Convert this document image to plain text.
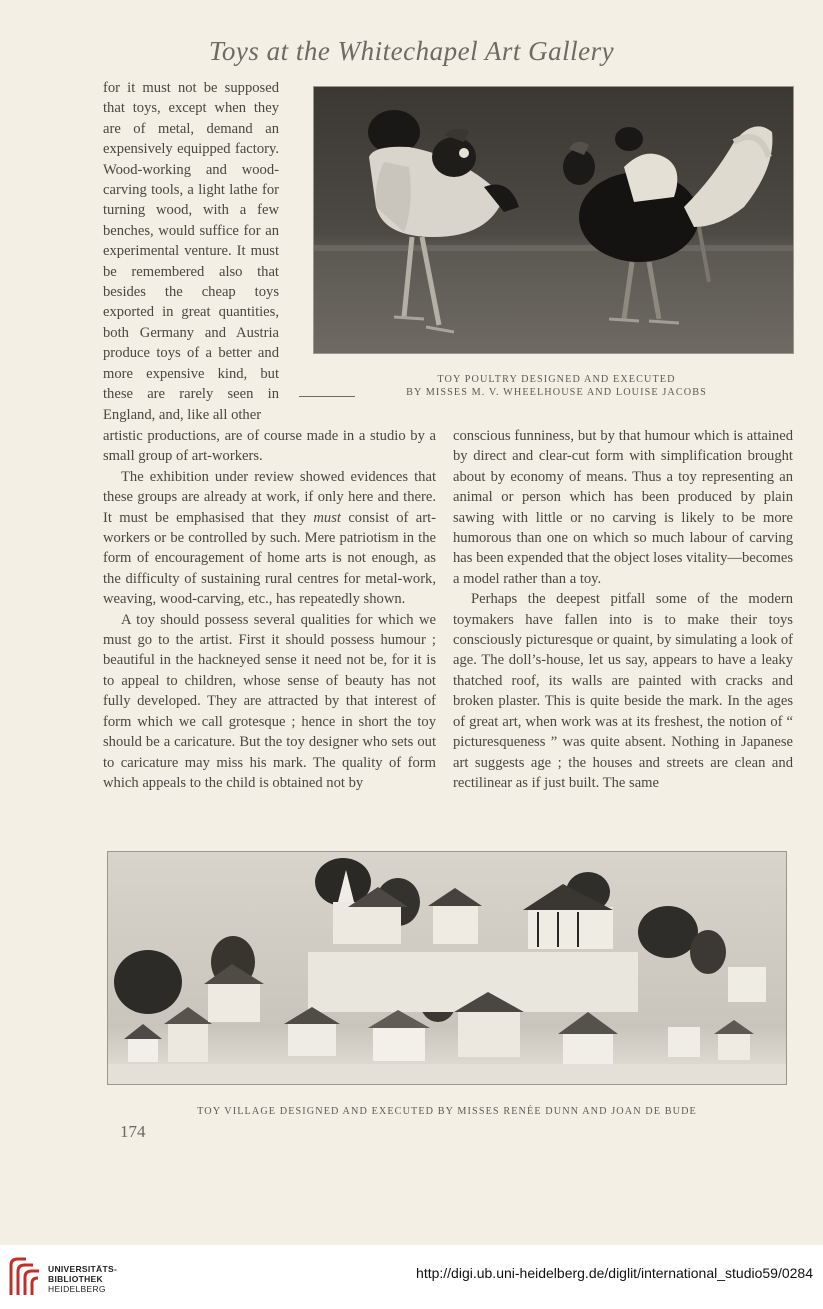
Toys at the Whitechapel Art Gallery

for it must not be supposed that toys, except when they are of metal, demand an expensively equipped factory. Wood-working and wood-carving tools, a light lathe for turning wood, with a few benches, would suffice for an experimental venture. It must be remembered also that besides the cheap toys exported in great quantities, both Germany and Austria produce toys of a better and more expensive kind, but these are rarely seen in England, and, like all other

TOY POULTRY DESIGNED AND EXECUTED
BY MISSES M. V. WHEELHOUSE AND LOUISE JACOBS

artistic productions, are of course made in a studio by a small group of art-workers.

The exhibition under review showed evidences that these groups are already at work, if only here and there. It must be emphasised that they must consist of art-workers or be controlled by such. Mere patriotism in the form of encouragement of home arts is not enough, as the difficulty of sustaining rural centres for metal-work, weaving, wood-carving, etc., has repeatedly shown.

A toy should possess several qualities for which we must go to the artist. First it should possess humour ; beautiful in the hackneyed sense it need not be, for it is to appeal to children, whose sense of beauty has not fully developed. They are attracted by that interest of form which we call grotesque ; hence in short the toy should be a caricature. But the toy designer who sets out to caricature may miss his mark. The quality of form which appeals to the child is obtained not by

conscious funniness, but by that humour which is attained by direct and clear-cut form with simplification brought about by economy of means. Thus a toy representing an animal or person which has been produced by plain sawing with little or no carving is likely to be more humorous than one on which so much labour of carving has been expended that the object loses vitality—becomes a model rather than a toy.

Perhaps the deepest pitfall some of the modern toymakers have fallen into is to make their toys consciously picturesque or quaint, by simulating a look of age. The doll’s-house, let us say, appears to have a leaky thatched roof, its walls are painted with cracks and broken plaster. This is quite beside the mark. In the ages of great art, when work was at its freshest, the notion of “ picturesqueness ” was quite absent. Nothing in Japanese art suggests age ; the houses and streets are clean and rectilinear as if just built. The same

TOY VILLAGE DESIGNED AND EXECUTED BY MISSES RENÉE DUNN AND JOAN DE BUDE
174
UNIVERSITÄTS-
BIBLIOTHEK
HEIDELBERG
http://digi.ub.uni-heidelberg.de/diglit/international_studio59/0284
